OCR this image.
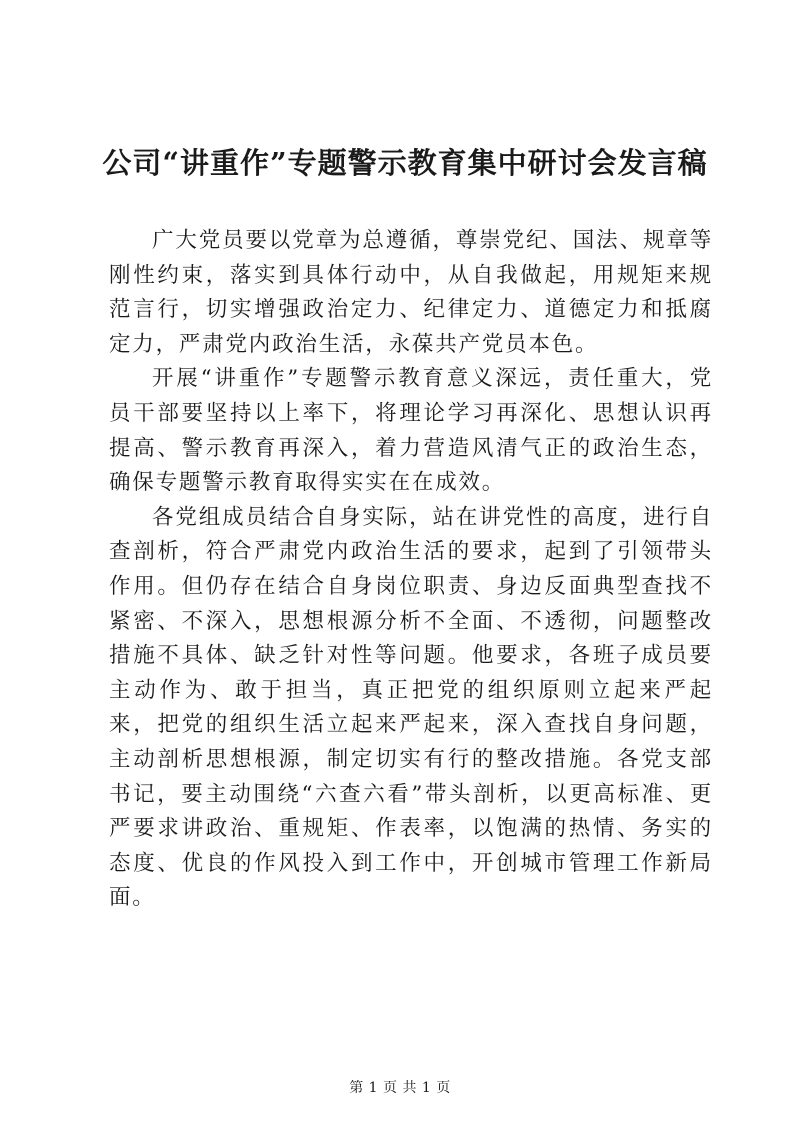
公司“讲重作”专题警示教育集中研讨会发言稿

广大党员要以党章为总遵循，尊崇党纪、国法、规章等刚性约束，落实到具体行动中，从自我做起，用规矩来规范言行，切实增强政治定力、纪律定力、道德定力和抵腐定力，严肃党内政治生活，永葆共产党员本色。

开展“讲重作”专题警示教育意义深远，责任重大，党员干部要坚持以上率下，将理论学习再深化、思想认识再提高、警示教育再深入，着力营造风清气正的政治生态，确保专题警示教育取得实实在在成效。

各党组成员结合自身实际，站在讲党性的高度，进行自查剖析，符合严肃党内政治生活的要求，起到了引领带头作用。但仍存在结合自身岗位职责、身边反面典型查找不紧密、不深入，思想根源分析不全面、不透彻，问题整改措施不具体、缺乏针对性等问题。他要求，各班子成员要主动作为、敢于担当，真正把党的组织原则立起来严起来，把党的组织生活立起来严起来，深入查找自身问题，主动剖析思想根源，制定切实有行的整改措施。各党支部书记，要主动围绕“六查六看”带头剖析，以更高标准、更严要求讲政治、重规矩、作表率，以饱满的热情、务实的态度、优良的作风投入到工作中，开创城市管理工作新局面。

第 1 页 共 1 页
